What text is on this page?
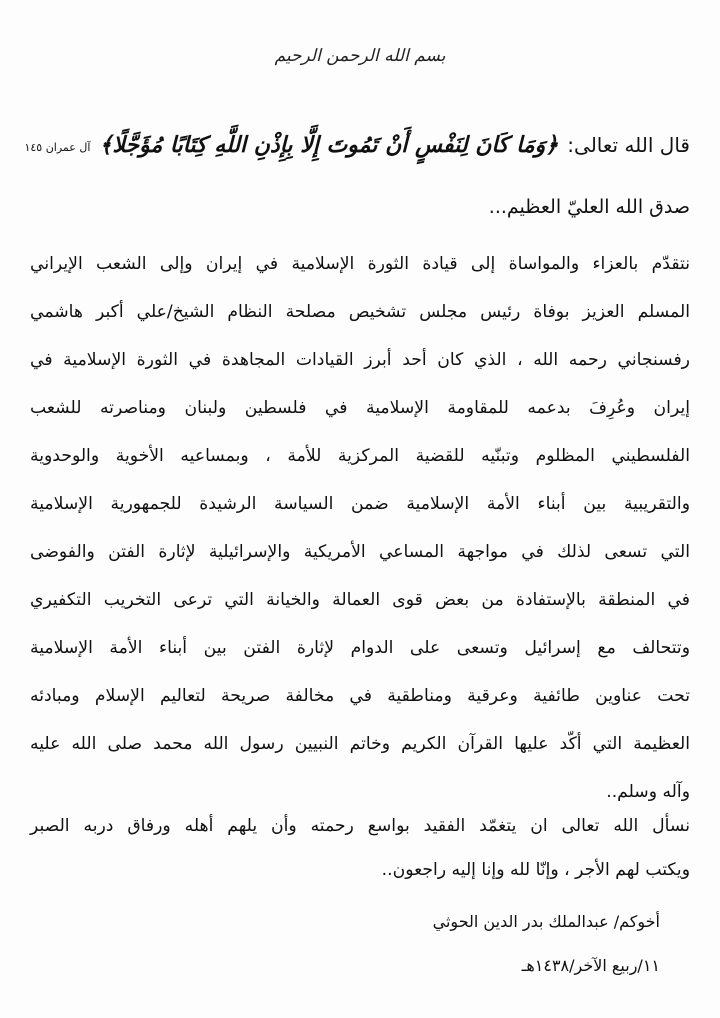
بسم الله الرحمن الرحيم
قال الله تعالى: ﴿وَمَا كَانَ لِنَفْسٍ أَنْ تَمُوتَ إِلَّا بِإِذْنِ اللَّهِ كِتَابًا مُؤَجَّلًا﴾ آل عمران ١٤٥
صدق الله العليّ العظيم...
نتقدّم بالعزاء والمواساة إلى قيادة الثورة الإسلامية في إيران وإلى الشعب الإيراني
المسلم العزيز بوفاة رئيس مجلس تشخيص مصلحة النظام الشيخ/علي أكبر هاشمي
رفسنجاني رحمه الله ، الذي كان أحد أبرز القيادات المجاهدة في الثورة الإسلامية في
إيران وعُرِفَ بدعمه للمقاومة الإسلامية في فلسطين ولبنان ومناصرته للشعب
الفلسطيني المظلوم وتبنّيه للقضية المركزية للأمة ، وبمساعيه الأخوية والوحدوية
والتقريبية بين أبناء الأمة الإسلامية ضمن السياسة الرشيدة للجمهورية الإسلامية
التي تسعى لذلك في مواجهة المساعي الأمريكية والإسرائيلية لإثارة الفتن والفوضى
في المنطقة بالإستفادة من بعض قوى العمالة والخيانة التي ترعى التخريب التكفيري
وتتحالف مع إسرائيل وتسعى على الدوام لإثارة الفتن بين أبناء الأمة الإسلامية
تحت عناوين طائفية وعرقية ومناطقية في مخالفة صريحة لتعاليم الإسلام ومبادئه
العظيمة التي أكّد عليها القرآن الكريم وخاتم النبيين رسول الله محمد صلى الله عليه
وآله وسلم..
نسأل الله تعالى ان يتغمّد الفقيد بواسع رحمته وأن يلهم أهله ورفاق دربه الصبر
ويكتب لهم الأجر ، وإنّا لله وإنا إليه راجعون..
أخوكم/ عبدالملك بدر الدين الحوثي
١١/ربيع الآخر/١٤٣٨هـ
